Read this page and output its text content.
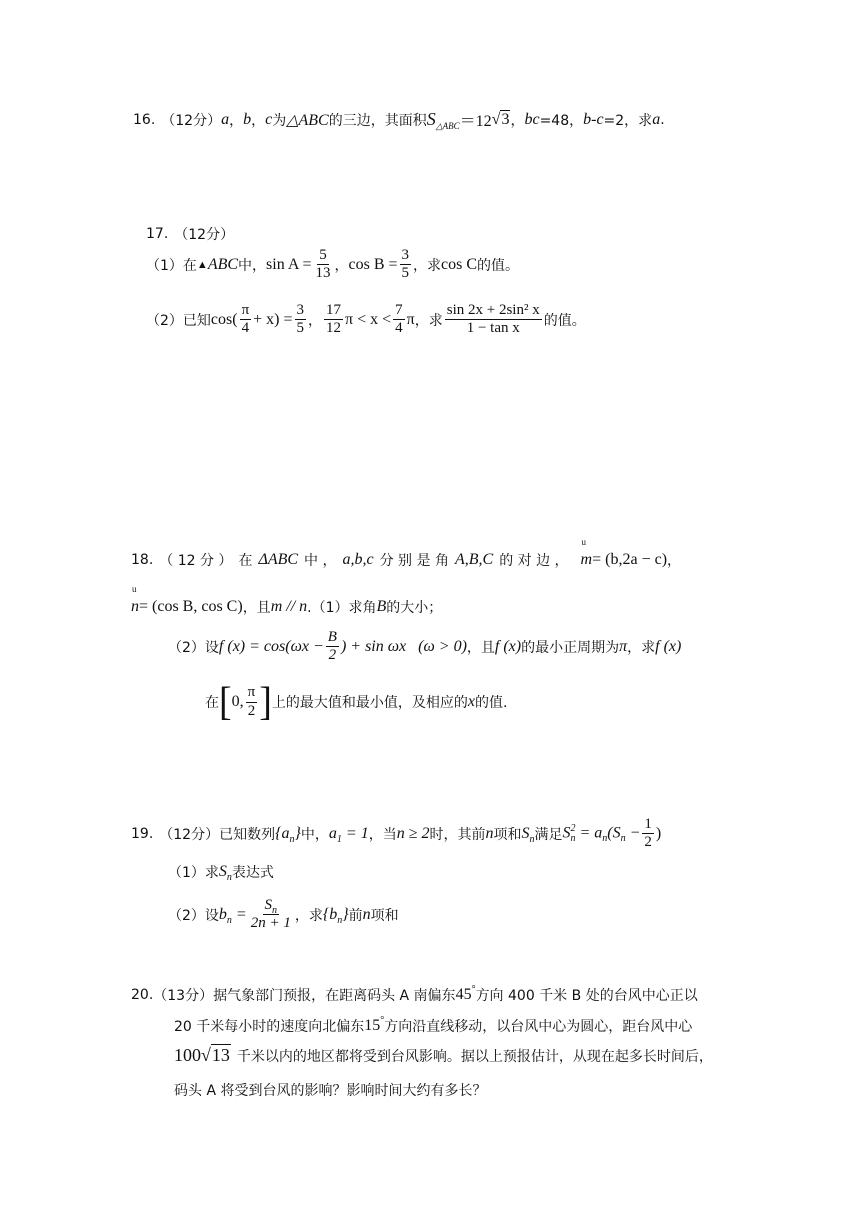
16. （12分） a ， b ， c 为 △ABC 的三边，其面积 $S_{\triangle ABC} =12$ √3 ， bc =48， b-c =2，求 a .
17. （12分）
（1）在 ▲ ABC 中， $\sin A = \frac{5}{13}$ ， $\cos B = \frac{3}{5}$ ，求 cos C 的值。
（2）已知 $\cos( \frac{\pi}{4} + x) = \frac{3}{5}$ ， $\frac{17}{12}$ $\pi < x < \frac{7}{4}$ π ，求 $\frac{\text{sin 2x + 2sin² x}}{\text{1 − tan x}}$ 的值。
18. （ 12 分 ） 在 ΔABC 中 ， a,b,c 分 别 是 角 A,B,C 的 对 边 ，
u m = (b,2a − c) ，
u n = (cos B, cos C) ，且 m // n .（1）求角 B 的大小；
（2）设 f $(x) = \cos(\omega x - \frac{B}{2}$ ) + sin ωx (ω > 0) ，且 f (x) 的最小正周期为 π ，求 f (x)
在 [ 0, $\frac{\pi}{2}$ ] 上的最大值和最小值，及相应的 x 的值.
19. （12分）已知数列 $\{a_n\}$ 中， $a_1 = 1$ ，当 n ≥ 2 时，其前 n 项和 $S_n$ 满足 S 2
$n = a_n(S_n - \frac{1}{2}$ )
（1）求 $S_n$ 表达式
（2）设 $b_n = \frac{S_n}{2n + 1}$ ，求 $\{b_n\}$ 前 n 项和
20. （13分）据气象部门预报，在距离码头 A 南偏东 45° 方向 400 千米 B 处的台风中心正以
20 千米每小时的速度向北偏东 15° 方向沿直线移动，以台风中心为圆心，距台风中心
100 √13 千米以内的地区都将受到台风影响。据以上预报估计，从现在起多长时间后，
码头 A 将受到台风的影响？影响时间大约有多长？
